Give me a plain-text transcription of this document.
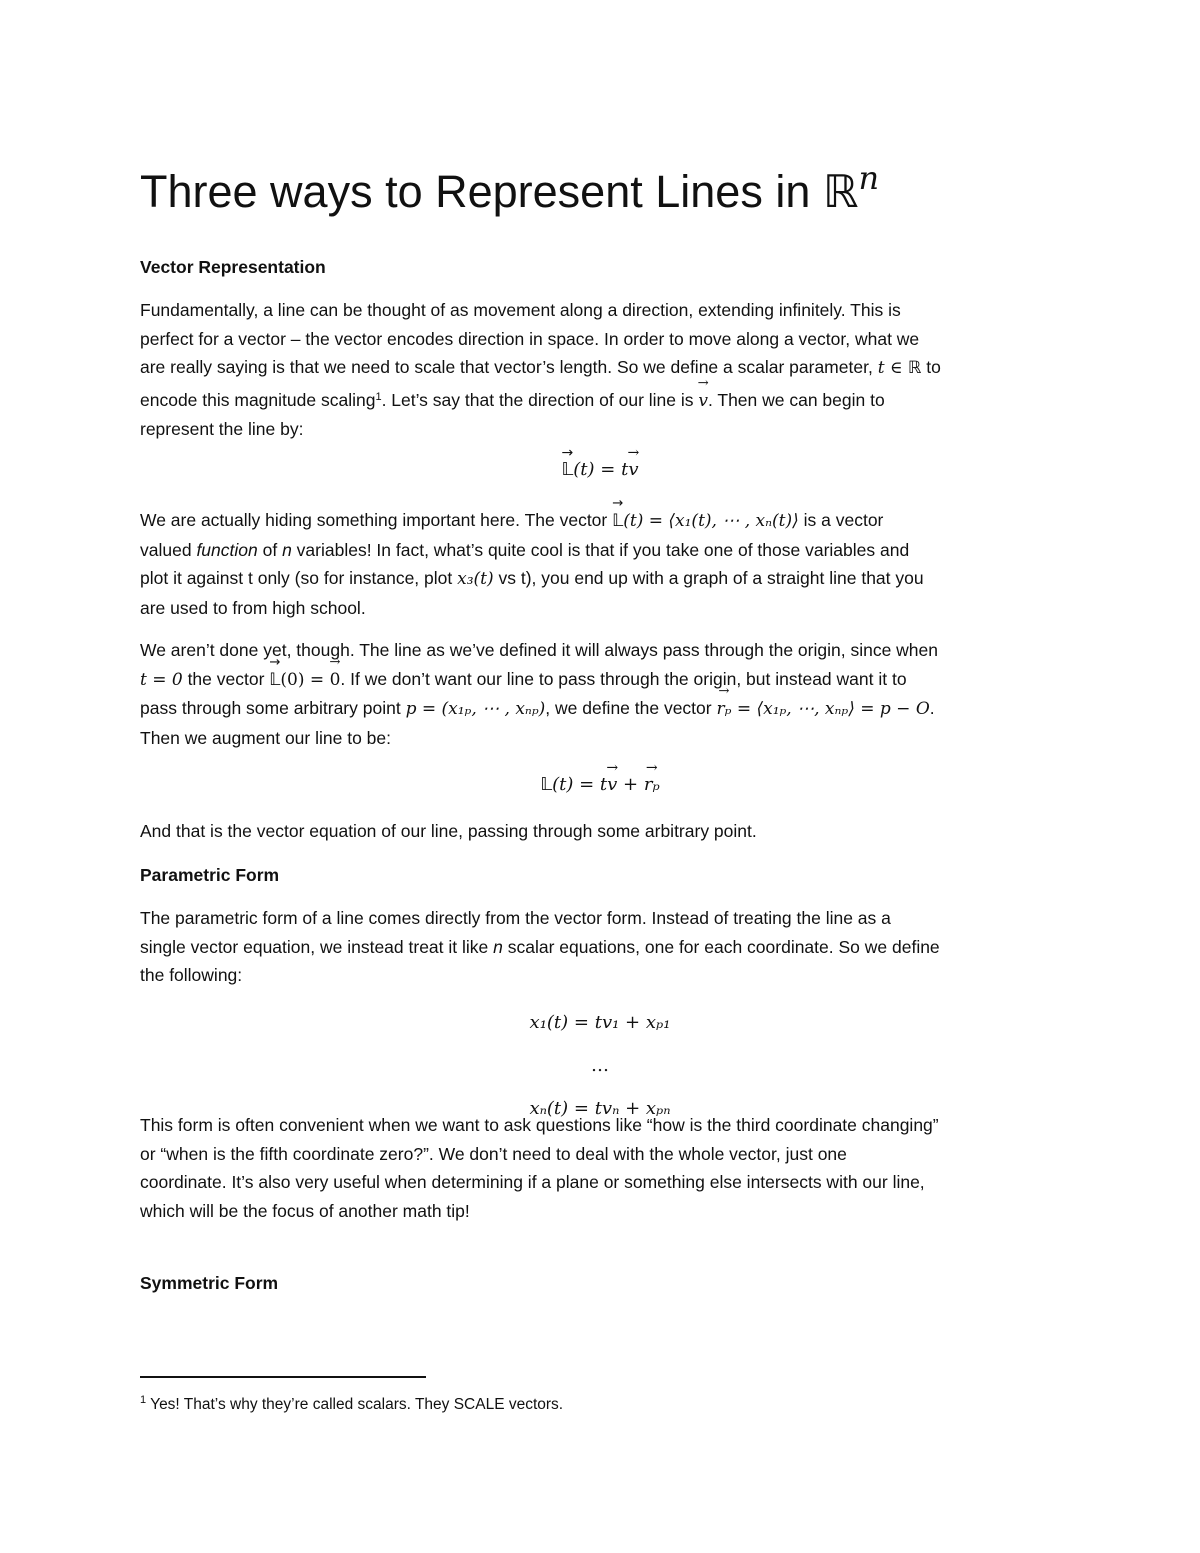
Three ways to Represent Lines in ℝ$^n$
Vector Representation
Fundamentally, a line can be thought of as movement along a direction, extending infinitely. This is
perfect for a vector – the vector encodes direction in space. In order to move along a vector, what we
are really saying is that we need to scale that vector’s length. So we define a scalar parameter, t ∈ ℝ to
encode this magnitude scaling$^1$. Let’s say that the direction of our line is → v. Then we can begin to
represent the line by:
→ 𝕃(t) = t→ v
We are actually hiding something important here. The vector → 𝕃(t) = ⟨x₁(t), ⋯ , xₙ(t)⟩ is a vector
valued function of n variables! In fact, what’s quite cool is that if you take one of those variables and
plot it against t only (so for instance, plot x₃(t) vs t), you end up with a graph of a straight line that you
are used to from high school.
We aren’t done yet, though. The line as we’ve defined it will always pass through the origin, since when
t = 0 the vector → 𝕃(0) = → 0. If we don’t want our line to pass through the origin, but instead want it to
pass through some arbitrary point p = (x₁ₚ, ⋯ , xₙₚ), we define the vector → rₚ = ⟨x₁ₚ, ⋯, xₙₚ⟩ = p − O.
Then we augment our line to be:
𝕃(t) = t→ v + → rₚ
And that is the vector equation of our line, passing through some arbitrary point.
Parametric Form
The parametric form of a line comes directly from the vector form. Instead of treating the line as a
single vector equation, we instead treat it like n scalar equations, one for each coordinate. So we define
the following:
x₁(t) = tv₁ + xₚ₁
…
xₙ(t) = tvₙ + xₚₙ
This form is often convenient when we want to ask questions like “how is the third coordinate changing”
or “when is the fifth coordinate zero?”. We don’t need to deal with the whole vector, just one
coordinate. It’s also very useful when determining if a plane or something else intersects with our line,
which will be the focus of another math tip!
Symmetric Form

$^1$ Yes! That’s why they’re called scalars. They SCALE vectors.
